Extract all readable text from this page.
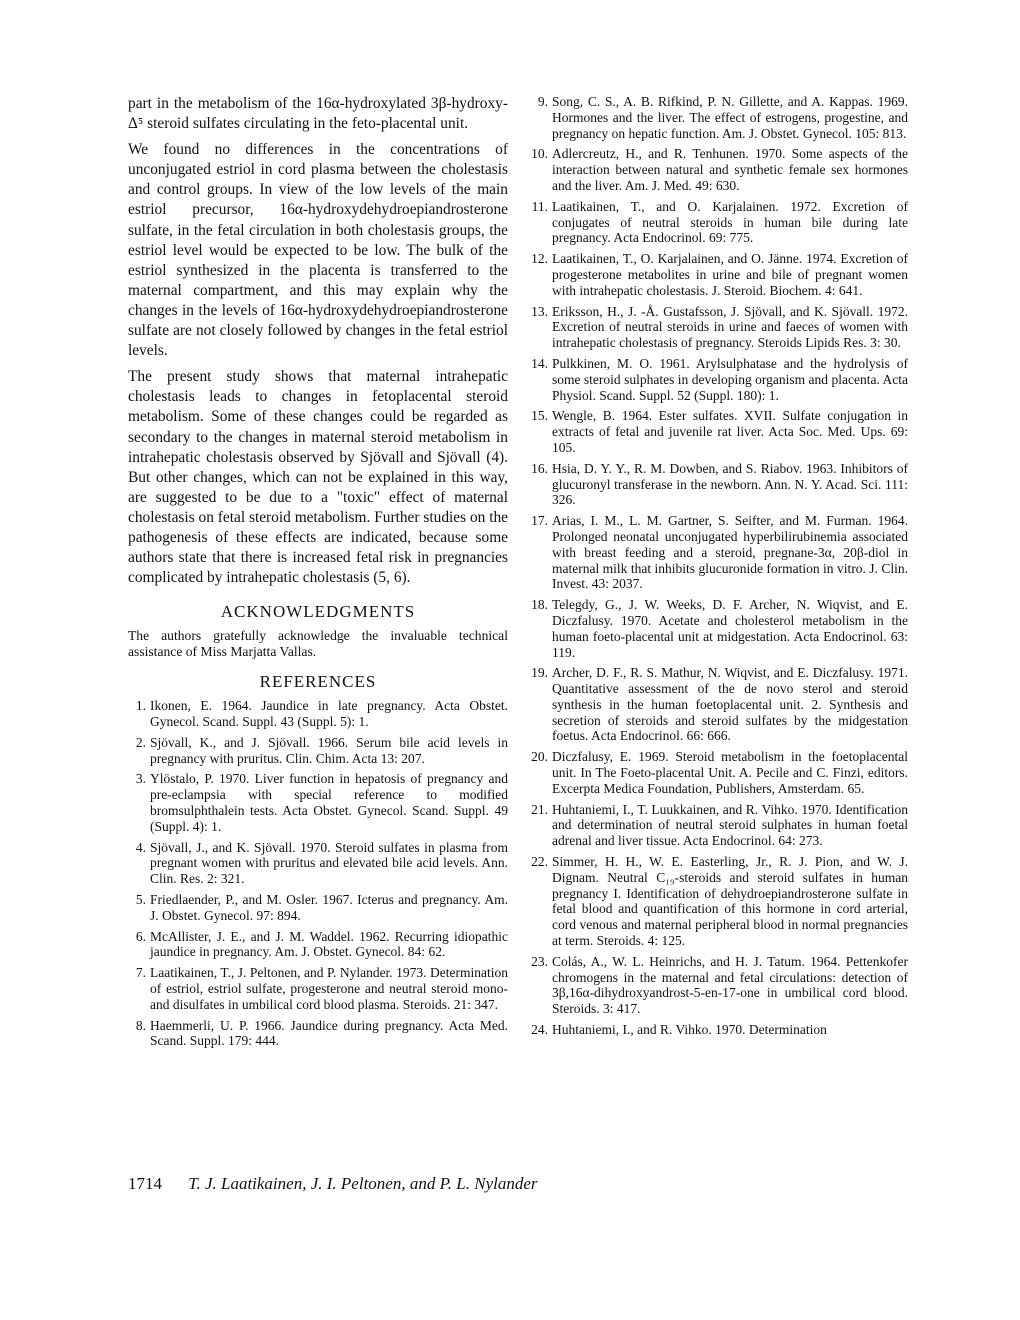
part in the metabolism of the 16α-hydroxylated 3β-hydroxy-Δ⁵ steroid sulfates circulating in the feto-placental unit.

We found no differences in the concentrations of unconjugated estriol in cord plasma between the cholestasis and control groups. In view of the low levels of the main estriol precursor, 16α-hydroxydehydroepiandrosterone sulfate, in the fetal circulation in both cholestasis groups, the estriol level would be expected to be low. The bulk of the estriol synthesized in the placenta is transferred to the maternal compartment, and this may explain why the changes in the levels of 16α-hydroxydehydroepiandrosterone sulfate are not closely followed by changes in the fetal estriol levels.

The present study shows that maternal intrahepatic cholestasis leads to changes in fetoplacental steroid metabolism. Some of these changes could be regarded as secondary to the changes in maternal steroid metabolism in intrahepatic cholestasis observed by Sjövall and Sjövall (4). But other changes, which can not be explained in this way, are suggested to be due to a "toxic" effect of maternal cholestasis on fetal steroid metabolism. Further studies on the pathogenesis of these effects are indicated, because some authors state that there is increased fetal risk in pregnancies complicated by intrahepatic cholestasis (5, 6).

ACKNOWLEDGMENTS

The authors gratefully acknowledge the invaluable technical assistance of Miss Marjatta Vallas.

REFERENCES
1. Ikonen, E. 1964. Jaundice in late pregnancy. Acta Obstet. Gynecol. Scand. Suppl. 43 (Suppl. 5): 1.
2. Sjövall, K., and J. Sjövall. 1966. Serum bile acid levels in pregnancy with pruritus. Clin. Chim. Acta 13: 207.
3. Ylöstalo, P. 1970. Liver function in hepatosis of pregnancy and pre-eclampsia with special reference to modified bromsulphthalein tests. Acta Obstet. Gynecol. Scand. Suppl. 49 (Suppl. 4): 1.
4. Sjövall, J., and K. Sjövall. 1970. Steroid sulfates in plasma from pregnant women with pruritus and elevated bile acid levels. Ann. Clin. Res. 2: 321.
5. Friedlaender, P., and M. Osler. 1967. Icterus and pregnancy. Am. J. Obstet. Gynecol. 97: 894.
6. McAllister, J. E., and J. M. Waddel. 1962. Recurring idiopathic jaundice in pregnancy. Am. J. Obstet. Gynecol. 84: 62.
7. Laatikainen, T., J. Peltonen, and P. Nylander. 1973. Determination of estriol, estriol sulfate, progesterone and neutral steroid mono- and disulfates in umbilical cord blood plasma. Steroids. 21: 347.
8. Haemmerli, U. P. 1966. Jaundice during pregnancy. Acta Med. Scand. Suppl. 179: 444.
9. Song, C. S., A. B. Rifkind, P. N. Gillette, and A. Kappas. 1969. Hormones and the liver. The effect of estrogens, progestine, and pregnancy on hepatic function. Am. J. Obstet. Gynecol. 105: 813.
10. Adlercreutz, H., and R. Tenhunen. 1970. Some aspects of the interaction between natural and synthetic female sex hormones and the liver. Am. J. Med. 49: 630.
11. Laatikainen, T., and O. Karjalainen. 1972. Excretion of conjugates of neutral steroids in human bile during late pregnancy. Acta Endocrinol. 69: 775.
12. Laatikainen, T., O. Karjalainen, and O. Jänne. 1974. Excretion of progesterone metabolites in urine and bile of pregnant women with intrahepatic cholestasis. J. Steroid. Biochem. 4: 641.
13. Eriksson, H., J. -Å. Gustafsson, J. Sjövall, and K. Sjövall. 1972. Excretion of neutral steroids in urine and faeces of women with intrahepatic cholestasis of pregnancy. Steroids Lipids Res. 3: 30.
14. Pulkkinen, M. O. 1961. Arylsulphatase and the hydrolysis of some steroid sulphates in developing organism and placenta. Acta Physiol. Scand. Suppl. 52 (Suppl. 180): 1.
15. Wengle, B. 1964. Ester sulfates. XVII. Sulfate conjugation in extracts of fetal and juvenile rat liver. Acta Soc. Med. Ups. 69: 105.
16. Hsia, D. Y. Y., R. M. Dowben, and S. Riabov. 1963. Inhibitors of glucuronyl transferase in the newborn. Ann. N. Y. Acad. Sci. 111: 326.
17. Arias, I. M., L. M. Gartner, S. Seifter, and M. Furman. 1964. Prolonged neonatal unconjugated hyperbilirubinemia associated with breast feeding and a steroid, pregnane-3α, 20β-diol in maternal milk that inhibits glucuronide formation in vitro. J. Clin. Invest. 43: 2037.
18. Telegdy, G., J. W. Weeks, D. F. Archer, N. Wiqvist, and E. Diczfalusy. 1970. Acetate and cholesterol metabolism in the human foeto-placental unit at midgestation. Acta Endocrinol. 63: 119.
19. Archer, D. F., R. S. Mathur, N. Wiqvist, and E. Diczfalusy. 1971. Quantitative assessment of the de novo sterol and steroid synthesis in the human foetoplacental unit. 2. Synthesis and secretion of steroids and steroid sulfates by the midgestation foetus. Acta Endocrinol. 66: 666.
20. Diczfalusy, E. 1969. Steroid metabolism in the foetoplacental unit. In The Foeto-placental Unit. A. Pecile and C. Finzi, editors. Excerpta Medica Foundation, Publishers, Amsterdam. 65.
21. Huhtaniemi, I., T. Luukkainen, and R. Vihko. 1970. Identification and determination of neutral steroid sulphates in human foetal adrenal and liver tissue. Acta Endocrinol. 64: 273.
22. Simmer, H. H., W. E. Easterling, Jr., R. J. Pion, and W. J. Dignam. Neutral C₁₉-steroids and steroid sulfates in human pregnancy I. Identification of dehydroepiandrosterone sulfate in fetal blood and quantification of this hormone in cord arterial, cord venous and maternal peripheral blood in normal pregnancies at term. Steroids. 4: 125.
23. Colás, A., W. L. Heinrichs, and H. J. Tatum. 1964. Pettenkofer chromogens in the maternal and fetal circulations: detection of 3β,16α-dihydroxyandrost-5-en-17-one in umbilical cord blood. Steroids. 3: 417.
24. Huhtaniemi, I., and R. Vihko. 1970. Determination
1714 T. J. Laatikainen, J. I. Peltonen, and P. L. Nylander
